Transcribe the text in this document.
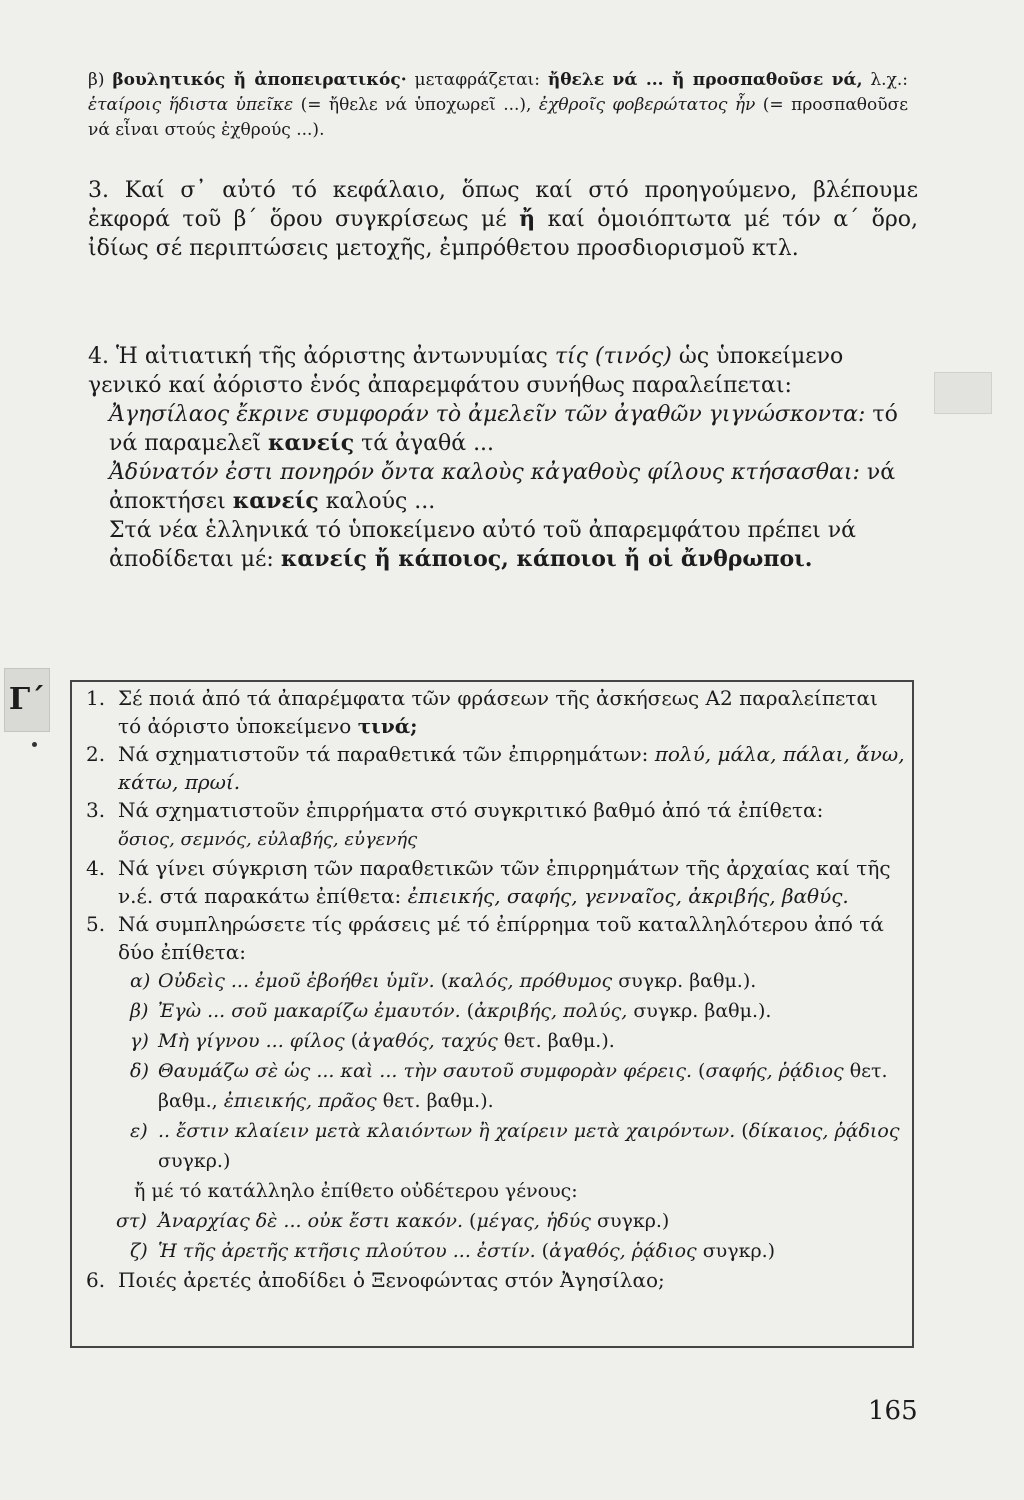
β) βουλητικός ἤ ἀποπειρατικός· μεταφράζεται: ἤθελε νά ... ἤ προσπαθοῦσε νά, λ.χ.: ἑταίροις ἥδιστα ὑπεῖκε (= ἤθελε νά ὑποχωρεῖ ...), ἐχθροῖς φοβερώτατος ἦν (= προσπαθοῦσε νά εἶναι στούς ἐχθρούς ...).

3. Καί σ᾽ αὐτό τό κεφάλαιο, ὅπως καί στό προηγούμενο, βλέπουμε ἐκφορά τοῦ β΄ ὅρου συγκρίσεως μέ ἤ καί ὁμοιόπτωτα μέ τόν α΄ ὅρο, ἰδίως σέ περιπτώσεις μετοχῆς, ἐμπρόθετου προσδιορισμοῦ κτλ.

4. Ἡ αἰτιατική τῆς ἀόριστης ἀντωνυμίας τίς (τινός) ὡς ὑποκείμενο γενικό καί ἀόριστο ἑνός ἀπαρεμφάτου συνήθως παραλείπεται:

Ἀγησίλαος ἔκρινε συμφοράν τὸ ἀμελεῖν τῶν ἀγαθῶν γιγνώσκοντα: τό νά παραμελεῖ κανείς τά ἀγαθά ...

Ἀδύνατόν ἐστι πονηρόν ὄντα καλοὺς κἀγαθοὺς φίλους κτήσασθαι: νά ἀποκτήσει κανείς καλούς ...

Στά νέα ἑλληνικά τό ὑποκείμενο αὐτό τοῦ ἀπαρεμφάτου πρέπει νά ἀποδίδεται μέ: κανείς ἤ κάποιος, κάποιοι ἤ οἱ ἄνθρωποι.

Γ΄ 1. Σέ ποιά ἀπό τά ἀπαρέμφατα τῶν φράσεων τῆς ἀσκήσεως Α2 παραλείπεται τό ἀόριστο ὑποκείμενο τινά;
2. Νά σχηματιστοῦν τά παραθετικά τῶν ἐπιρρημάτων: πολύ, μάλα, πάλαι, ἄνω, κάτω, πρωί.
3. Νά σχηματιστοῦν ἐπιρρήματα στό συγκριτικό βαθμό ἀπό τά ἐπίθετα:
ὅσιος, σεμνός, εὐλαβής, εὐγενής
4. Νά γίνει σύγκριση τῶν παραθετικῶν τῶν ἐπιρρημάτων τῆς ἀρχαίας καί τῆς ν.έ. στά παρακάτω ἐπίθετα: ἐπιεικής, σαφής, γενναῖος, ἀκριβής, βαθύς.
5. Νά συμπληρώσετε τίς φράσεις μέ τό ἐπίρρημα τοῦ καταλληλότερου ἀπό τά δύο ἐπίθετα:
α) Οὐδεὶς ... ἐμοῦ ἐβοήθει ὑμῖν. (καλός, πρόθυμος συγκρ. βαθμ.).
β) Ἐγὼ ... σοῦ μακαρίζω ἐμαυτόν. (ἀκριβής, πολύς, συγκρ. βαθμ.).
γ) Μὴ γίγνου ... φίλος (ἀγαθός, ταχύς θετ. βαθμ.).
δ) Θαυμάζω σὲ ὡς ... καὶ ... τὴν σαυτοῦ συμφορὰν φέρεις. (σαφής, ῥᾴδιος θετ. βαθμ., ἐπιεικής, πρᾶος θετ. βαθμ.).
ε) .. ἔστιν κλαίειν μετὰ κλαιόντων ἢ χαίρειν μετὰ χαιρόντων. (δίκαιος, ῥᾴδιος συγκρ.)
ἤ μέ τό κατάλληλο ἐπίθετο οὐδέτερου γένους:
στ) Ἀναρχίας δὲ ... οὐκ ἔστι κακόν. (μέγας, ἡδύς συγκρ.)
ζ) Ἡ τῆς ἀρετῆς κτῆσις πλούτου ... ἐστίν. (ἀγαθός, ῥᾴδιος συγκρ.)
6. Ποιές ἀρετές ἀποδίδει ὁ Ξενοφώντας στόν Ἀγησίλαο;
165
